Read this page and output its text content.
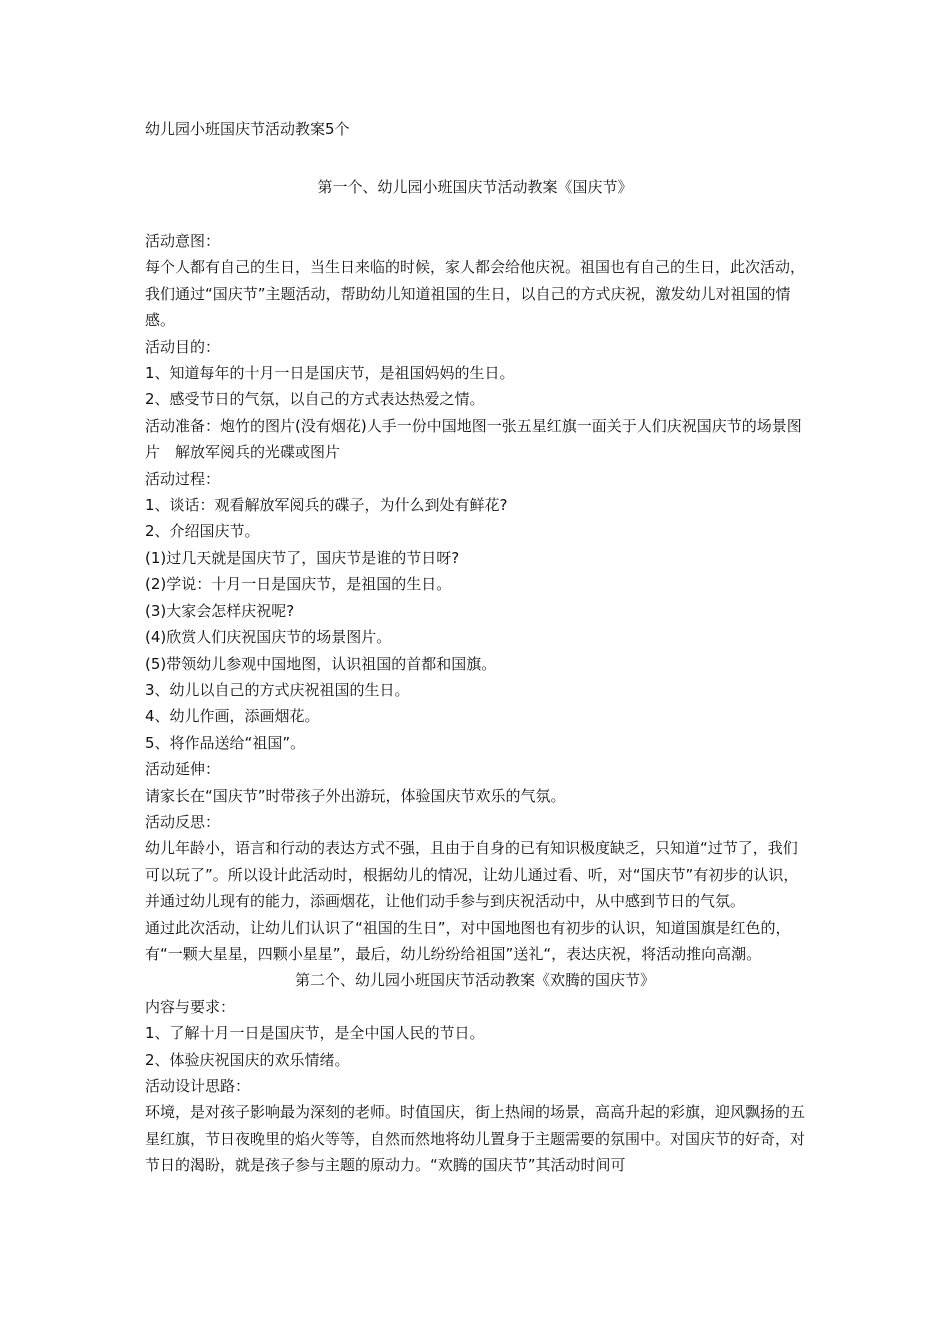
幼儿园小班国庆节活动教案5个
第一个、幼儿园小班国庆节活动教案《国庆节》

活动意图：

每个人都有自己的生日，当生日来临的时候，家人都会给他庆祝。祖国也有自己的生日，此次活动，我们通过“国庆节”主题活动，帮助幼儿知道祖国的生日，以自己的方式庆祝，激发幼儿对祖国的情感。

活动目的：

1、知道每年的十月一日是国庆节，是祖国妈妈的生日。

2、感受节日的气氛，以自己的方式表达热爱之情。

活动准备：炮竹的图片(没有烟花)人手一份中国地图一张五星红旗一面关于人们庆祝国庆节的场景图片　解放军阅兵的光碟或图片

活动过程：

1、谈话：观看解放军阅兵的碟子，为什么到处有鲜花?

2、介绍国庆节。

(1)过几天就是国庆节了，国庆节是谁的节日呀?

(2)学说：十月一日是国庆节，是祖国的生日。

(3)大家会怎样庆祝呢?

(4)欣赏人们庆祝国庆节的场景图片。

(5)带领幼儿参观中国地图，认识祖国的首都和国旗。

3、幼儿以自己的方式庆祝祖国的生日。

4、幼儿作画，添画烟花。

5、将作品送给“祖国”。

活动延伸：

请家长在“国庆节”时带孩子外出游玩，体验国庆节欢乐的气氛。

活动反思：

幼儿年龄小，语言和行动的表达方式不强，且由于自身的已有知识极度缺乏，只知道“过节了，我们可以玩了”。所以设计此活动时，根据幼儿的情况，让幼儿通过看、听，对“国庆节”有初步的认识，并通过幼儿现有的能力，添画烟花，让他们动手参与到庆祝活动中，从中感到节日的气氛。

通过此次活动，让幼儿们认识了“祖国的生日”，对中国地图也有初步的认识，知道国旗是红色的，有“一颗大星星，四颗小星星”，最后，幼儿纷纷给祖国”送礼“，表达庆祝，将活动推向高潮。

第二个、幼儿园小班国庆节活动教案《欢腾的国庆节》

内容与要求：

1、了解十月一日是国庆节，是全中国人民的节日。

2、体验庆祝国庆的欢乐情绪。

活动设计思路：

环境，是对孩子影响最为深刻的老师。时值国庆，街上热闹的场景，高高升起的彩旗，迎风飘扬的五星红旗，节日夜晚里的焰火等等，自然而然地将幼儿置身于主题需要的氛围中。对国庆节的好奇，对节日的渴盼，就是孩子参与主题的原动力。“欢腾的国庆节”其活动时间可
